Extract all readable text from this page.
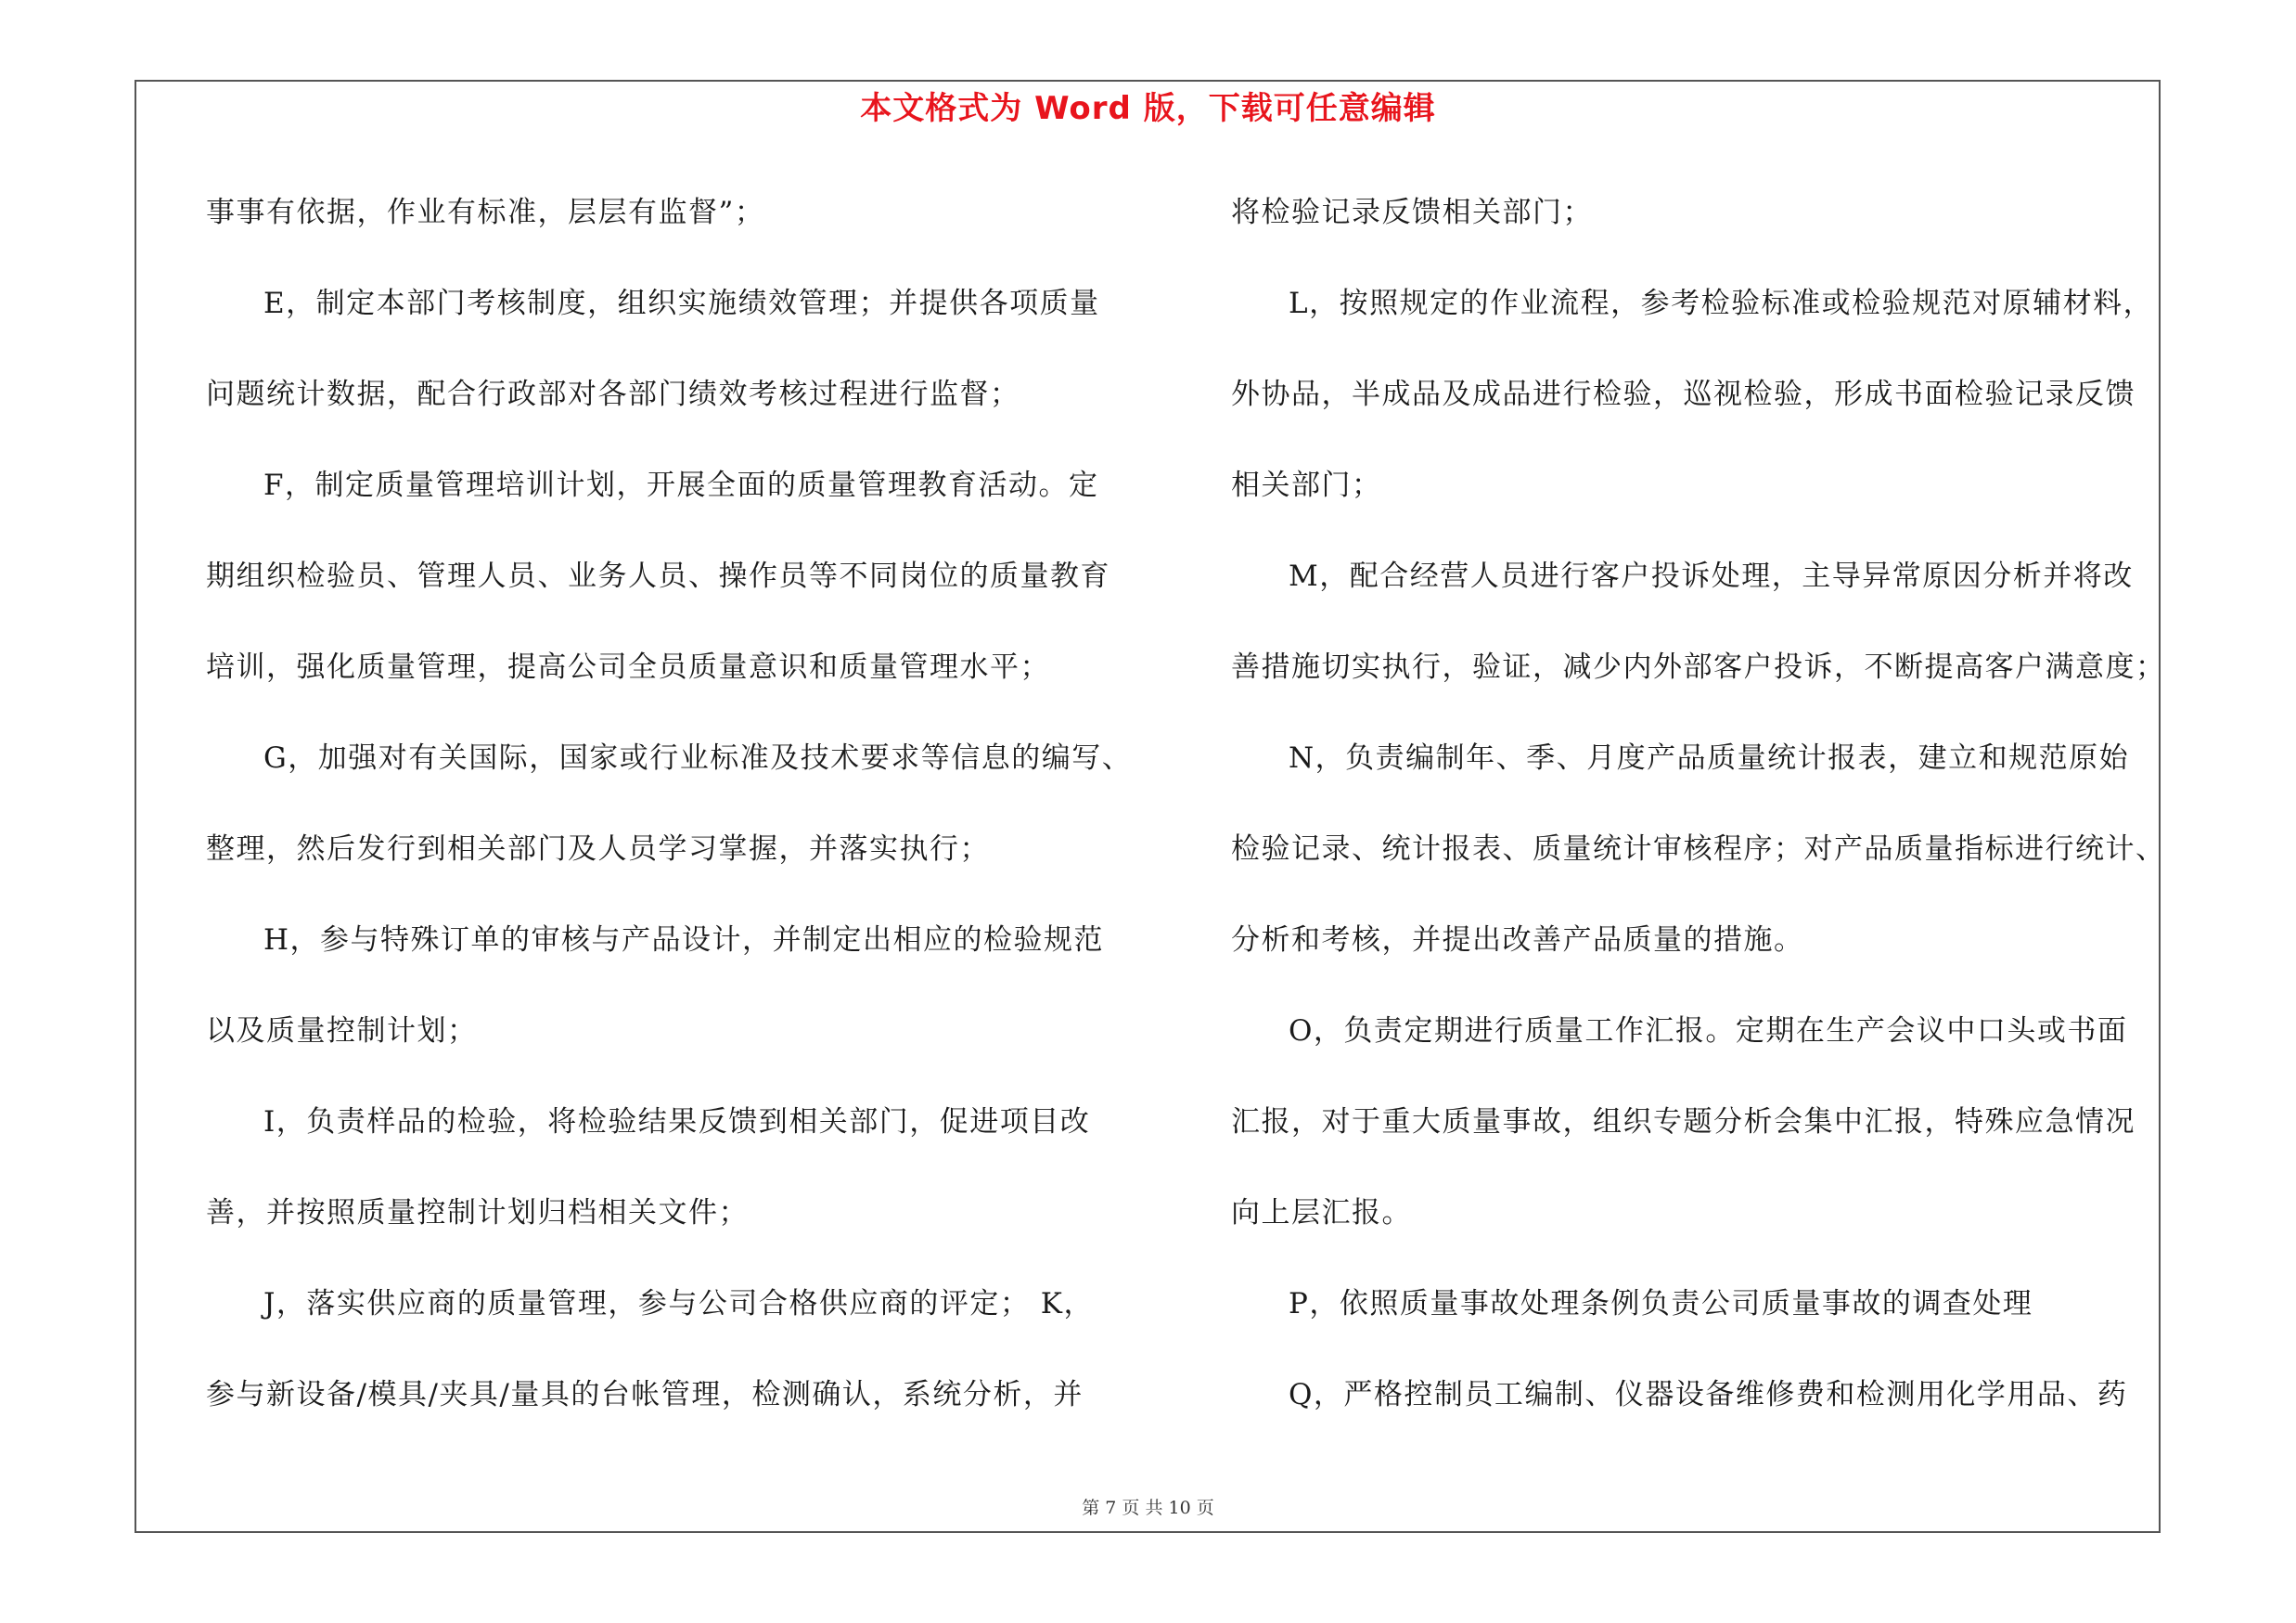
本文格式为 Word 版，下载可任意编辑
事事有依据，作业有标准，层层有监督”；
E，制定本部门考核制度，组织实施绩效管理；并提供各项质量
问题统计数据，配合行政部对各部门绩效考核过程进行监督；
F，制定质量管理培训计划，开展全面的质量管理教育活动。定
期组织检验员、管理人员、业务人员、操作员等不同岗位的质量教育
培训，强化质量管理，提高公司全员质量意识和质量管理水平；
G，加强对有关国际，国家或行业标准及技术要求等信息的编写、
整理，然后发行到相关部门及人员学习掌握，并落实执行；
H，参与特殊订单的审核与产品设计，并制定出相应的检验规范
以及质量控制计划；
I，负责样品的检验，将检验结果反馈到相关部门，促进项目改
善，并按照质量控制计划归档相关文件；
J，落实供应商的质量管理，参与公司合格供应商的评定； K，
参与新设备/模具/夹具/量具的台帐管理，检测确认，系统分析，并
将检验记录反馈相关部门；
L，按照规定的作业流程，参考检验标准或检验规范对原辅材料，
外协品，半成品及成品进行检验，巡视检验，形成书面检验记录反馈
相关部门；
M，配合经营人员进行客户投诉处理，主导异常原因分析并将改
善措施切实执行，验证，减少内外部客户投诉，不断提高客户满意度；
N，负责编制年、季、月度产品质量统计报表，建立和规范原始
检验记录、统计报表、质量统计审核程序；对产品质量指标进行统计、
分析和考核，并提出改善产品质量的措施。
O，负责定期进行质量工作汇报。定期在生产会议中口头或书面
汇报，对于重大质量事故，组织专题分析会集中汇报，特殊应急情况
向上层汇报。
P，依照质量事故处理条例负责公司质量事故的调查处理
Q，严格控制员工编制、仪器设备维修费和检测用化学用品、药
第 7 页 共 10 页
